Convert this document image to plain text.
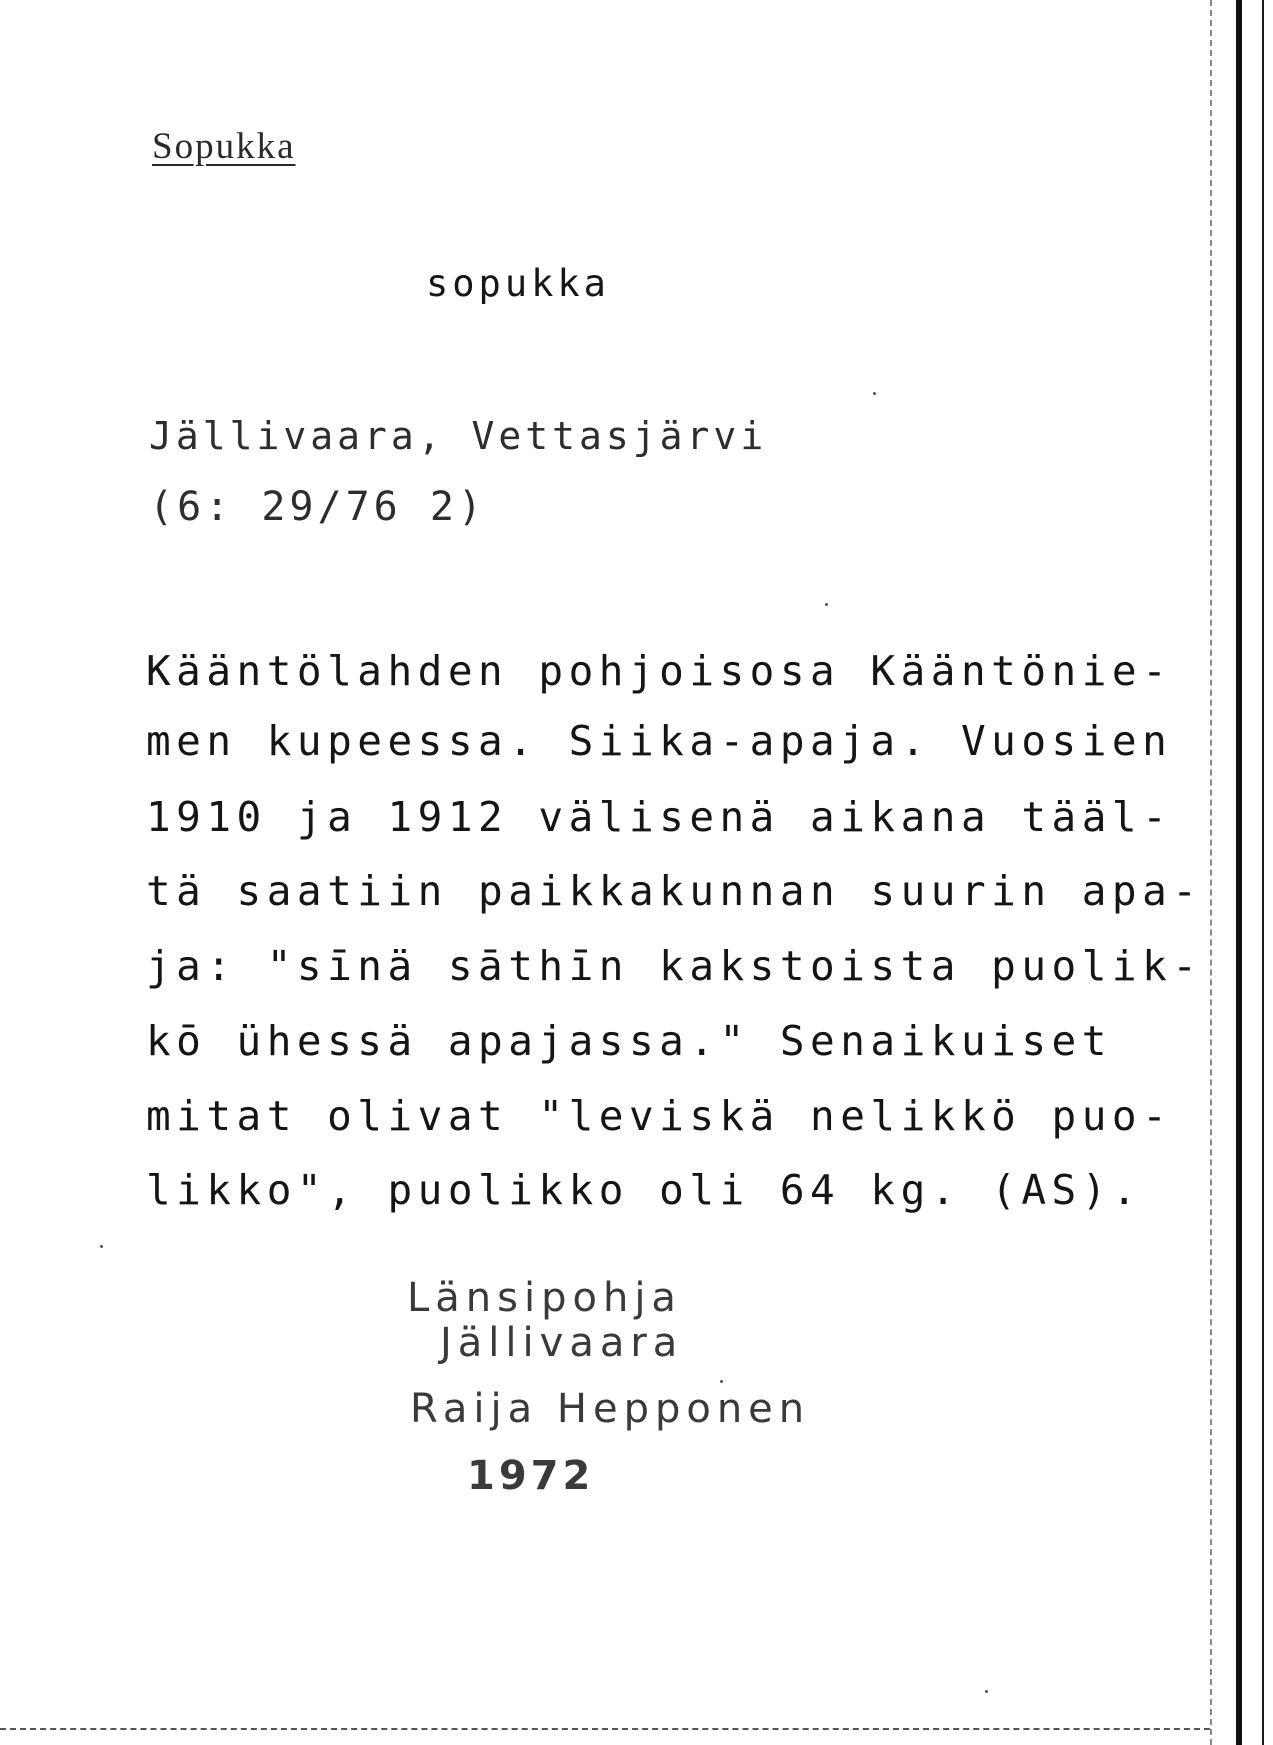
Sopukka
sopukka
Jällivaara, Vettasjärvi
(6: 29/76 2)
Kääntölahden pohjoisosa Kääntönie-
men kupeessa. Siika-apaja. Vuosien
1910 ja 1912 välisenä aikana tääl-
tä saatiin paikkakunnan suurin apa-
ja: "sīnä sāthīn kakstoista puolik-
kō ühessä apajassa." Senaikuiset
mitat olivat "leviskä nelikkö puo-
likko", puolikko oli 64 kg. (AS).
Länsipohja
Jällivaara
Raija Hepponen
1972
